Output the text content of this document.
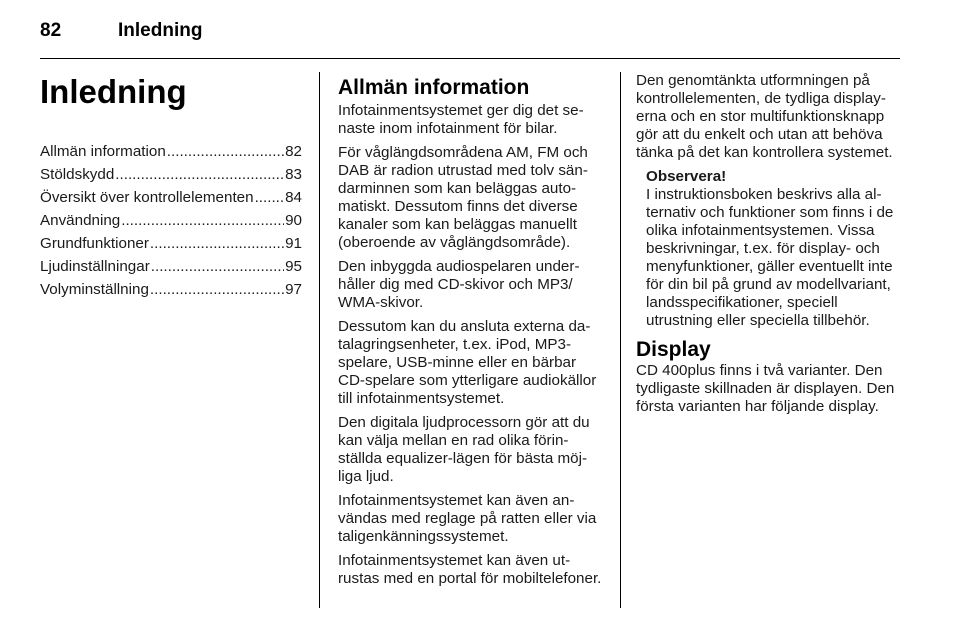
82	Inledning
Inledning
Allmän information .....	82
Stöldskydd .....	83
Översikt över kontrollelementen ..... 84
Användning .....	90
Grundfunktioner .....	91
Ljudinställningar .....	95
Volyminställning .....	97
Allmän information

Infotainmentsystemet ger dig det senaste inom infotainment för bilar.

För våglängdsområdena AM, FM och DAB är radion utrustad med tolv sändarminnen som kan beläggas automatiskt. Dessutom finns det diverse kanaler som kan beläggas manuellt (oberoende av våglängdsområde).

Den inbyggda audiospelaren underhåller dig med CD-skivor och MP3/ WMA-skivor.

Dessutom kan du ansluta externa datalagringsenheter, t.ex. iPod, MP3-spelare, USB-minne eller en bärbar CD-spelare som ytterligare audiokällor till infotainmentsystemet.

Den digitala ljudprocessorn gör att du kan välja mellan en rad olika förinställda equalizer-lägen för bästa möjliga ljud.

Infotainmentsystemet kan även användas med reglage på ratten eller via taligenkänningssystemet.

Infotainmentsystemet kan även utrustas med en portal för mobiltelefoner.

Den genomtänkta utformningen på kontrollelementen, de tydliga displayerna och en stor multifunktionsknapp gör att du enkelt och utan att behöva tänka på det kan kontrollera systemet.

Observera!

I instruktionsboken beskrivs alla alternativ och funktioner som finns i de olika infotainmentsystemen. Vissa beskrivningar, t.ex. för display- och menyfunktioner, gäller eventuellt inte för din bil på grund av modellvariant, landsspecifikationer, speciell utrustning eller speciella tillbehör.

Display

CD 400plus finns i två varianter. Den tydligaste skillnaden är displayen. Den första varianten har följande display.
